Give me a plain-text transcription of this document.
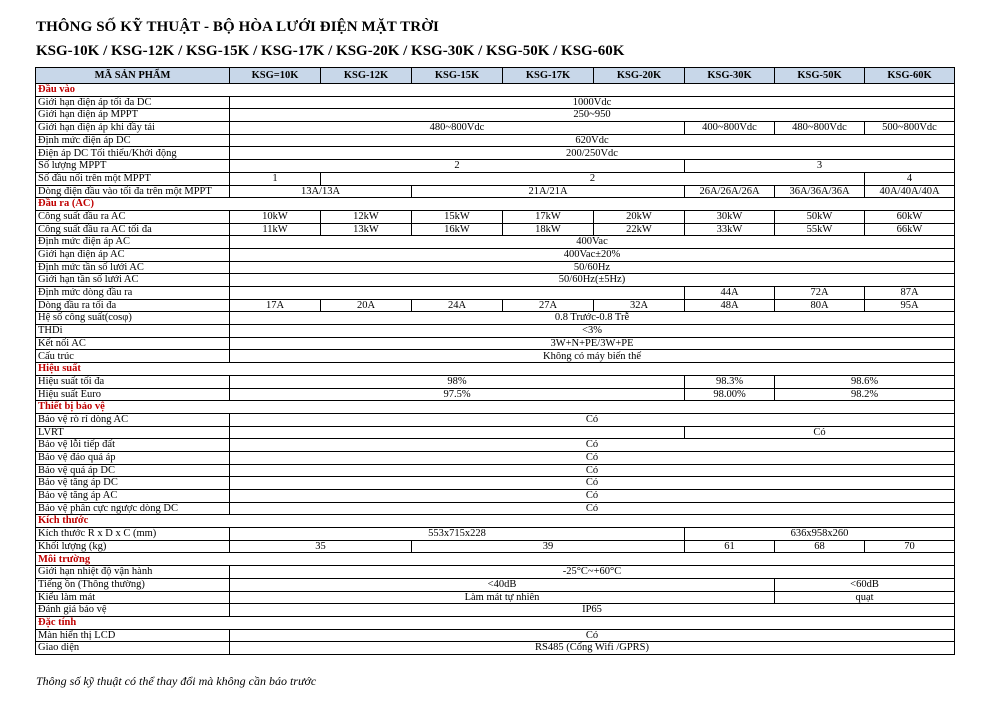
THÔNG SỐ KỸ THUẬT - BỘ HÒA LƯỚI ĐIỆN MẶT TRỜI
KSG-10K / KSG-12K / KSG-15K / KSG-17K / KSG-20K / KSG-30K / KSG-50K / KSG-60K
MÃ SẢN PHẨM	KSG=10K	KSG-12K	KSG-15K	KSG-17K	KSG-20K	KSG-30K	KSG-50K	KSG-60K
Đầu vào								
Giới hạn điện áp tối đa DC	1000Vdc							
Giới hạn điện áp MPPT	250~950							
Giới hạn điện áp khi đầy tải	480~800Vdc					400~800Vdc	480~800Vdc	500~800Vdc
Định mức điện áp DC	620Vdc							
Điện áp DC Tối thiểu/Khởi động	200/250Vdc							
Số lượng MPPT	2					3		
Số đầu nối trên một MPPT	1	2						4
Dòng điện đầu vào tối đa trên một MPPT	13A/13A		21A/21A			26A/26A/26A	36A/36A/36A	40A/40A/40A
Đầu ra (AC)								
Công suất đầu ra AC	10kW	12kW	15kW	17kW	20kW	30kW	50kW	60kW
Công suất đầu ra AC tối đa	11kW	13kW	16kW	18kW	22kW	33kW	55kW	66kW
Định mức điện áp AC	400Vac							
Giới hạn điện áp AC	400Vac±20%							
Định mức tần số lưới AC	50/60Hz							
Giới hạn tần số lưới AC	50/60Hz(±5Hz)							
Định mức dòng đầu ra						44A	72A	87A
Dòng đầu ra tối đa	17A	20A	24A	27A	32A	48A	80A	95A
Hệ số công suất(cosφ)	0.8 Trước-0.8 Trễ							
THDi	<3%							
Kết nối AC	3W+N+PE/3W+PE							
Cấu trúc	Không có máy biến thế							
Hiệu suất								
Hiệu suất tối đa	98%					98.3%	98.6%	
Hiệu suất Euro	97.5%					98.00%	98.2%	
Thiết bị bảo vệ								
Bảo vệ rò rỉ dòng AC	Có							
LVRT						Có		
Bảo vệ lỗi tiếp đất	Có							
Bảo vệ đảo quá áp	Có							
Bảo vệ quá áp DC	Có							
Bảo vệ tăng áp DC	Có							
Bảo vệ tăng áp AC	Có							
Bảo vệ phân cực ngược dòng DC	Có							
Kích thước								
Kích thước R x D x C (mm)	553x715x228					636x958x260		
Khối lượng (kg)	35		39			61	68	70
Môi trường								
Giới hạn nhiệt độ vận hành	-25°C~+60°C							
Tiếng ồn (Thông thường)	<40dB						<60dB	
Kiểu làm mát	Làm mát tự nhiên						quạt	
Đánh giá bảo vệ	IP65							
Đặc tính								
Màn hiển thị LCD	Có							
Giao diện	RS485 (Cổng Wifi /GPRS)							
Thông số kỹ thuật có thể thay đổi mà không cần báo trước
